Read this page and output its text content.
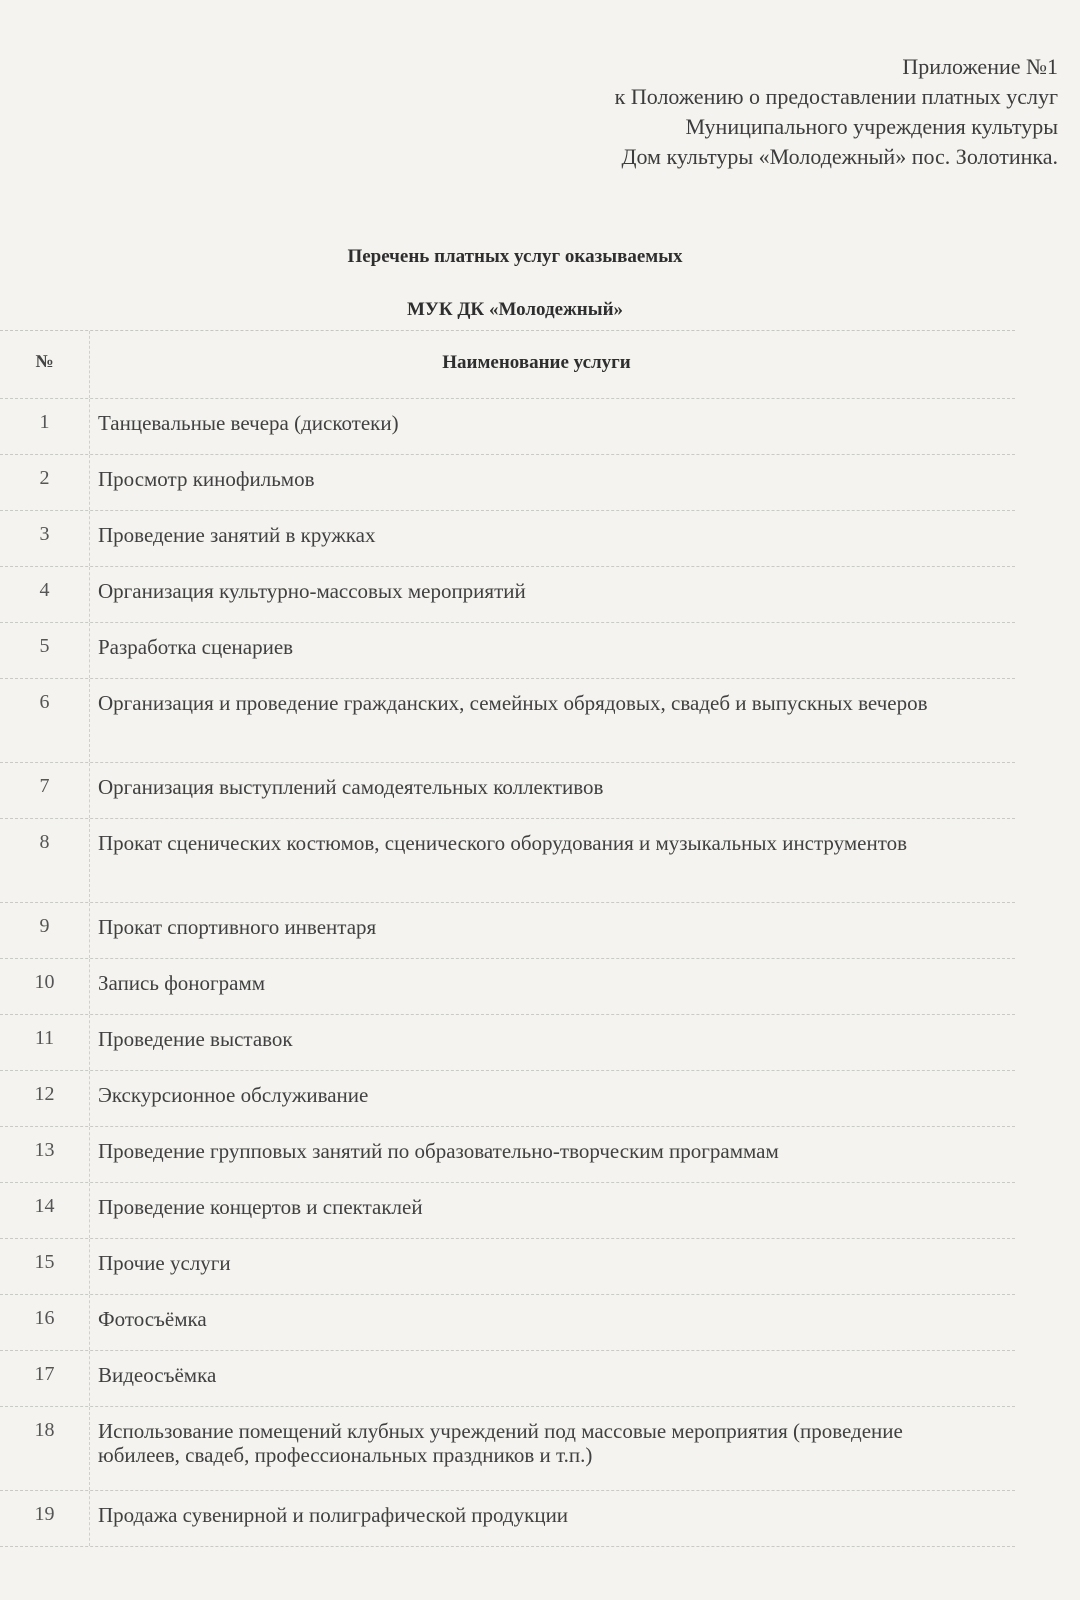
Приложение №1
к Положению о предоставлении платных услуг
Муниципального учреждения культуры
Дом культуры «Молодежный» пос. Золотинка.
Перечень платных услуг оказываемых
МУК ДК «Молодежный»
№	Наименование услуги
1	Танцевальные вечера (дискотеки)
2	Просмотр кинофильмов
3	Проведение занятий в кружках
4	Организация культурно-массовых мероприятий
5	Разработка сценариев
6	Организация и проведение гражданских, семейных обрядовых, свадеб и выпускных вечеров
7	Организация выступлений самодеятельных коллективов
8	Прокат сценических костюмов, сценического оборудования и музыкальных инструментов
9	Прокат спортивного инвентаря
10	Запись фонограмм
11	Проведение выставок
12	Экскурсионное обслуживание
13	Проведение групповых занятий по образовательно-творческим программам
14	Проведение концертов и спектаклей
15	Прочие услуги
16	Фотосъёмка
17	Видеосъёмка
18	Использование помещений клубных учреждений под массовые мероприятия (проведение юбилеев, свадеб, профессиональных праздников и т.п.)
19	Продажа сувенирной и полиграфической продукции
